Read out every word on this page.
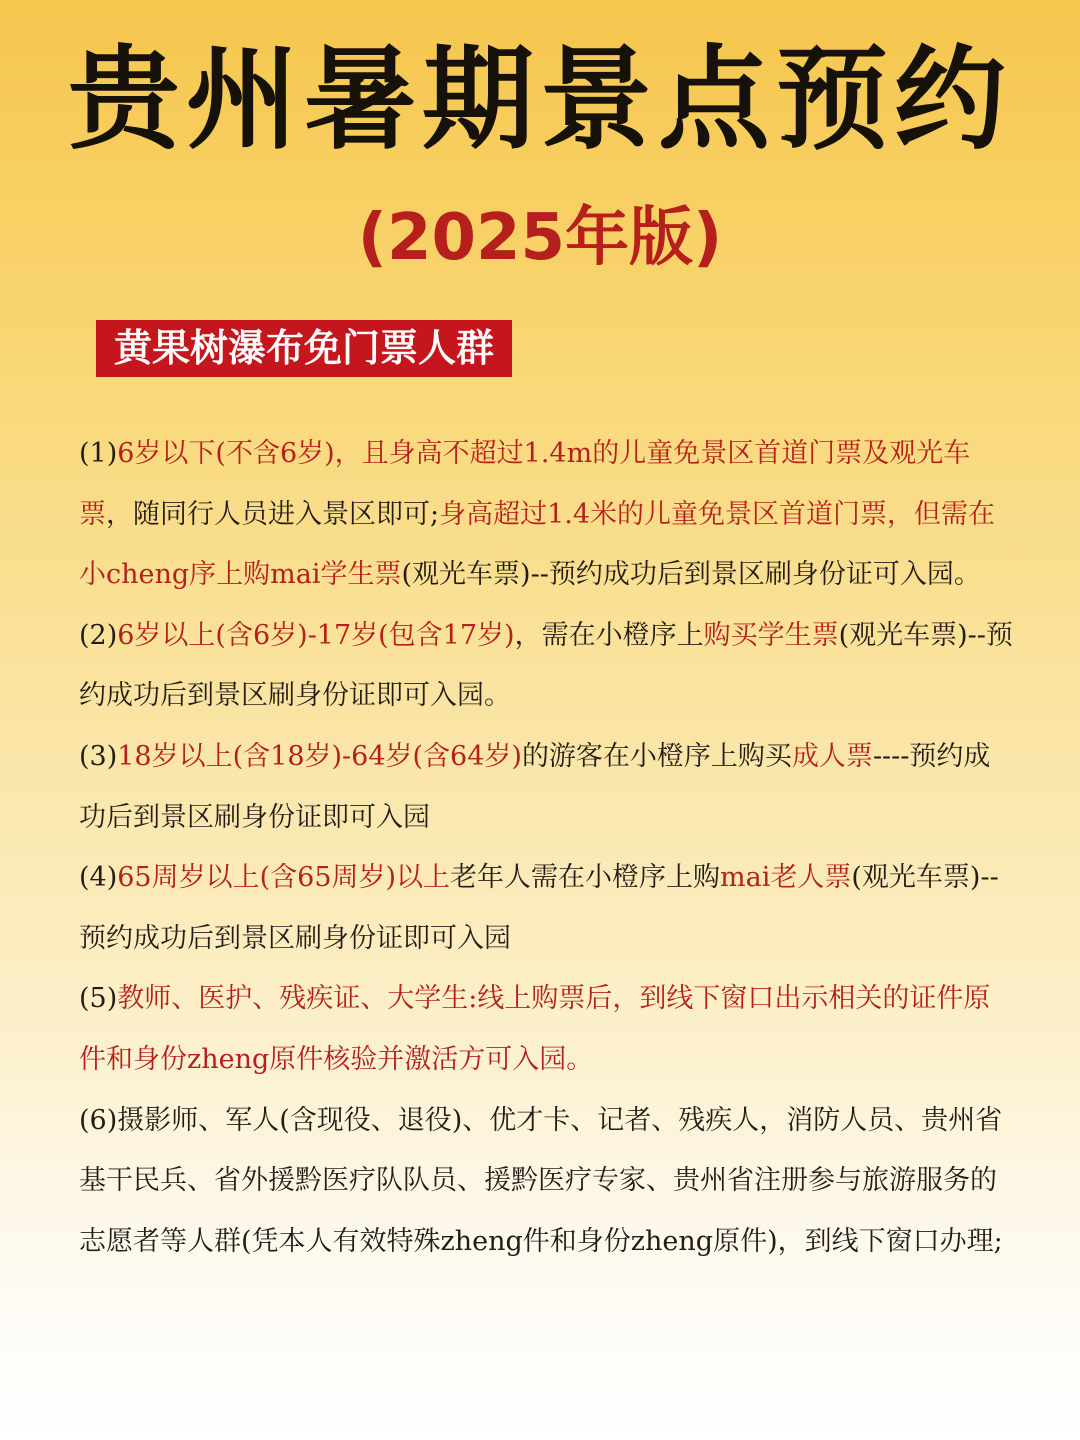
贵州暑期景点预约
(2025年版)
黄果树瀑布免门票人群
(1)6岁以下(不含6岁)，且身高不超过1.4m的儿童免景区首道门票及观光车
票，随同行人员进入景区即可;身高超过1.4米的儿童免景区首道门票，但需在
小cheng序上购mai学生票(观光车票)--预约成功后到景区刷身份证可入园。
(2)6岁以上(含6岁)-17岁(包含17岁)，需在小橙序上购买学生票(观光车票)--预
约成功后到景区刷身份证即可入园。
(3)18岁以上(含18岁)-64岁(含64岁)的游客在小橙序上购买成人票----预约成
功后到景区刷身份证即可入园
(4)65周岁以上(含65周岁)以上老年人需在小橙序上购mai老人票(观光车票)--
预约成功后到景区刷身份证即可入园
(5)教师、医护、残疾证、大学生:线上购票后，到线下窗口出示相关的证件原
件和身份zheng原件核验并激活方可入园。
(6)摄影师、军人(含现役、退役)、优才卡、记者、残疾人，消防人员、贵州省
基干民兵、省外援黔医疗队队员、援黔医疗专家、贵州省注册参与旅游服务的
志愿者等人群(凭本人有效特殊zheng件和身份zheng原件)，到线下窗口办理;
